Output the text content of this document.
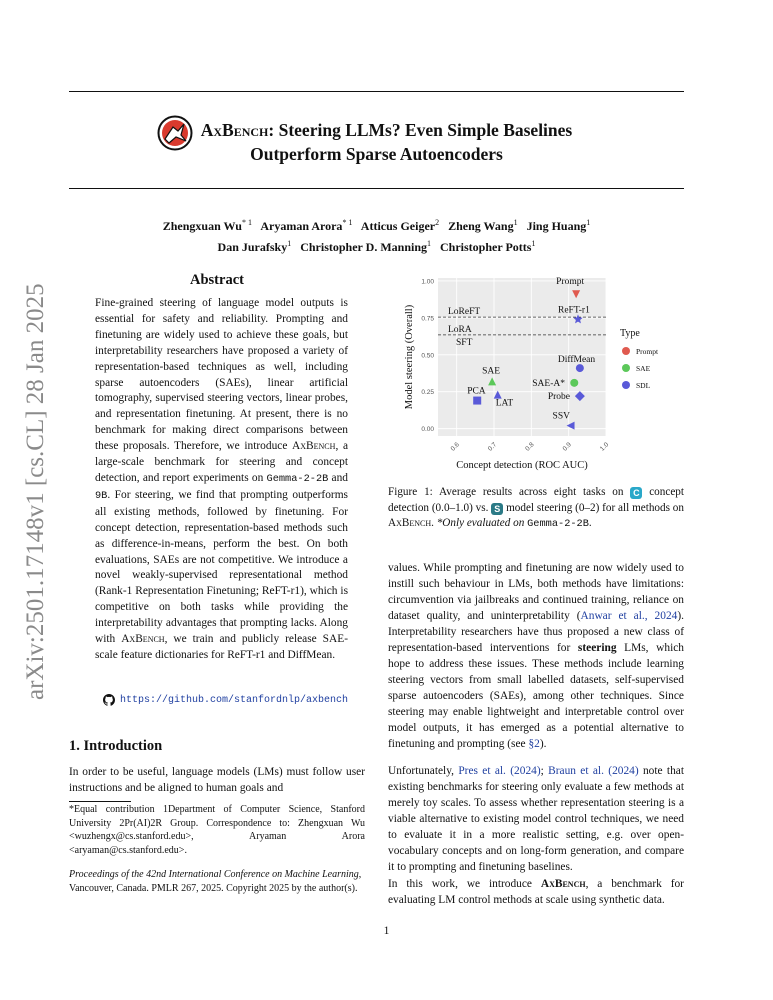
AxBench: Steering LLMs? Even Simple Baselines
Outperform Sparse Autoencoders
Zhengxuan Wu$^{* 1}$ Aryaman Arora$^{* 1}$ Atticus Geiger$^2$ Zheng Wang$^1$ Jing Huang$^1$
Dan Jurafsky$^1$ Christopher D. Manning$^1$ Christopher Potts$^1$
arXiv:2501.17148v1 [cs.CL] 28 Jan 2025
Abstract
Fine-grained steering of language model outputs is essential for safety and reliability. Prompting and finetuning are widely used to achieve these goals, but interpretability researchers have proposed a variety of representation-based techniques as well, including sparse autoencoders (SAEs), linear artificial tomography, supervised steering vectors, linear probes, and representation finetuning. At present, there is no benchmark for making direct comparisons between these proposals. Therefore, we introduce AxBench, a large-scale benchmark for steering and concept detection, and report experiments on Gemma-2-2B and 9B. For steering, we find that prompting outperforms all existing methods, followed by finetuning. For concept detection, representation-based methods such as difference-in-means, perform the best. On both evaluations, SAEs are not competitive. We introduce a novel weakly-supervised representational method (Rank-1 Representation Finetuning; ReFT-r1), which is competitive on both tasks while providing the interpretability advantages that prompting lacks. Along with AxBench, we train and publicly release SAE-scale feature dictionaries for ReFT-r1 and DiffMean.
https://github.com/stanfordnlp/axbench
1. Introduction
In order to be useful, language models (LMs) must follow user instructions and be aligned to human goals and
*Equal contribution 1Department of Computer Science, Stanford University 2Pr(AI)2R Group. Correspondence to: Zhengxuan Wu <wuzhengx@cs.stanford.edu>, Aryaman Arora <aryaman@cs.stanford.edu>.
Proceedings of the 42nd International Conference on Machine Learning, Vancouver, Canada. PMLR 267, 2025. Copyright 2025 by the author(s).
LoReFT
LoRA
SFT
Prompt
ReFT-r1
DiffMean
SAE-A*
Probe
SAE
PCA
LAT
SSV
0.00
0.25
0.50
0.75
1.00
0.6	0.7	0.8	0.9	1.0
Concept detection (ROC AUC)
Model steering (Overall)	Type
Prompt
SAE
SDL
Figure 1: Average results across eight tasks on C concept detection (0.0–1.0) vs. S model steering (0–2) for all methods on AxBench. *Only evaluated on Gemma-2-2B.
values. While prompting and finetuning are now widely used to instill such behaviour in LMs, both methods have limitations: circumvention via jailbreaks and continued training, reliance on dataset quality, and uninterpretability (Anwar et al., 2024). Interpretability researchers have thus proposed a new class of representation-based interventions for steering LMs, which hope to address these issues. These methods include learning steering vectors from small labelled datasets, self-supervised sparse autoencoders (SAEs), among other techniques. Since steering may enable lightweight and interpretable control over model outputs, it has emerged as a potential alternative to finetuning and prompting (see §2).
Unfortunately, Pres et al. (2024); Braun et al. (2024) note that existing benchmarks for steering only evaluate a few methods at merely toy scales. To assess whether representation steering is a viable alternative to existing model control techniques, we need to evaluate it in a more realistic setting, e.g. over open-vocabulary concepts and on long-form generation, and compare it to prompting and finetuning baselines.
In this work, we introduce AxBench, a benchmark for evaluating LM control methods at scale using synthetic data.
1
